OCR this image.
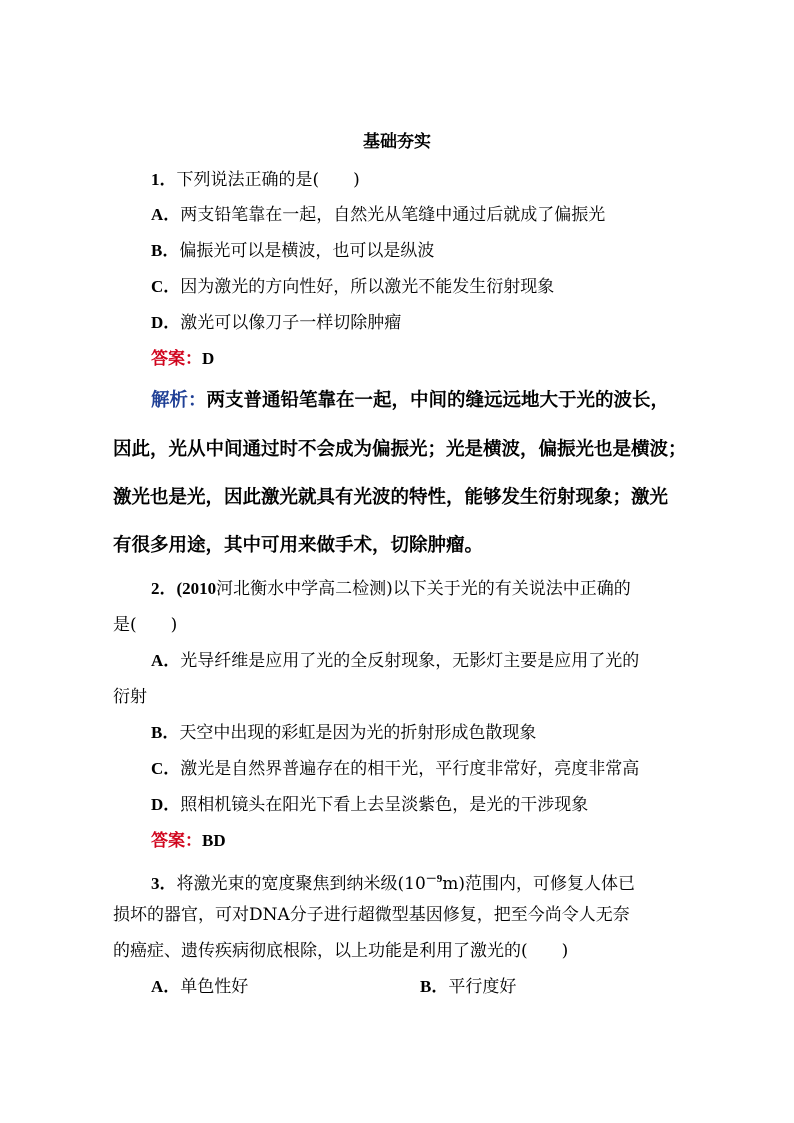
基础夯实
1．下列说法正确的是(　　)
A．两支铅笔靠在一起，自然光从笔缝中通过后就成了偏振光
B．偏振光可以是横波，也可以是纵波
C．因为激光的方向性好，所以激光不能发生衍射现象
D．激光可以像刀子一样切除肿瘤
答案：D
解析：两支普通铅笔靠在一起，中间的缝远远地大于光的波长，
因此，光从中间通过时不会成为偏振光；光是横波，偏振光也是横波；
激光也是光，因此激光就具有光波的特性，能够发生衍射现象；激光
有很多用途，其中可用来做手术，切除肿瘤。
2．(2010河北衡水中学高二检测)以下关于光的有关说法中正确的
是(　　)
A．光导纤维是应用了光的全反射现象，无影灯主要是应用了光的
衍射
B．天空中出现的彩虹是因为光的折射形成色散现象
C．激光是自然界普遍存在的相干光，平行度非常好，亮度非常高
D．照相机镜头在阳光下看上去呈淡紫色，是光的干涉现象
答案：BD
3．将激光束的宽度聚焦到纳米级$(10^{-9}m)$范围内，可修复人体已
损坏的器官，可对DNA分子进行超微型基因修复，把至今尚令人无奈
的癌症、遗传疾病彻底根除，以上功能是利用了激光的(　　)
A．单色性好	B．平行度好
